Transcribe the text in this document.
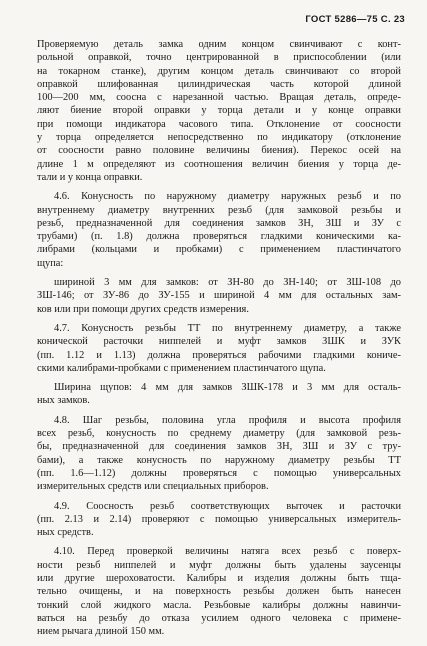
ГОСТ 5286—75 С. 23
Проверяемую деталь замка одним концом свинчивают с конт-
рольной оправкой, точно центрированной в приспособлении (или
на токарном станке), другим концом деталь свинчивают со второй
оправкой шлифованная цилиндрическая часть которой длиной
100—200 мм, соосна с нарезанной частью. Вращая деталь, опреде-
ляют биение второй оправки у торца детали и у конце оправки
при помощи индикатора часового типа. Отклонение от соосности
у торца определяется непосредственно по индикатору (отклонение
от соосности равно половине величины биения). Перекос осей на
длине 1 м определяют из соотношения величин биения у торца де-
тали и у конца оправки.
4.6. Конусность по наружному диаметру наружных резьб и по
внутреннему диаметру внутренних резьб (для замковой резьбы и
резьб, предназначенной для соединения замков ЗН, ЗШ и ЗУ с
трубами) (п. 1.8) должна проверяться гладкими коническими ка-
либрами (кольцами и пробками) с применением пластинчатого
щупа:
шириной 3 мм для замков: от ЗН-80 до ЗН-140; от ЗШ-108 до
ЗШ-146; от ЗУ-86 до ЗУ-155 и шириной 4 мм для остальных зам-
ков или при помощи других средств измерения.
4.7. Конусность резьбы ТТ по внутреннему диаметру, а также
конической расточки ниппелей и муфт замков ЗШК и ЗУК
(пп. 1.12 и 1.13) должна проверяться рабочими гладкими кониче-
скими калибрами-пробками с применением пластинчатого щупа.
Ширина щупов: 4 мм для замков ЗШК-178 и 3 мм для осталь-
ных замков.
4.8. Шаг резьбы, половина угла профиля и высота профиля
всех резьб, конусность по среднему диаметру (для замковой резь-
бы, предназначенной для соединения замков ЗН, ЗШ и ЗУ с тру-
бами), а также конусность по наружному диаметру резьбы ТТ
(пп. 1.6—1.12) должны проверяться с помощью универсальных
измерительных средств или специальных приборов.
4.9. Соосность резьб соответствующих выточек и расточки
(пп. 2.13 и 2.14) проверяют с помощью универсальных измеритель-
ных средств.
4.10. Перед проверкой величины натяга всех резьб с поверх-
ности резьб ниппелей и муфт должны быть удалены заусенцы
или другие шероховатости. Калибры и изделия должны быть тща-
тельно очищены, и на поверхность резьбы должен быть нанесен
тонкий слой жидкого масла. Резьбовые калибры должны навинчи-
ваться на резьбу до отказа усилием одного человека с примене-
нием рычага длиной 150 мм.
